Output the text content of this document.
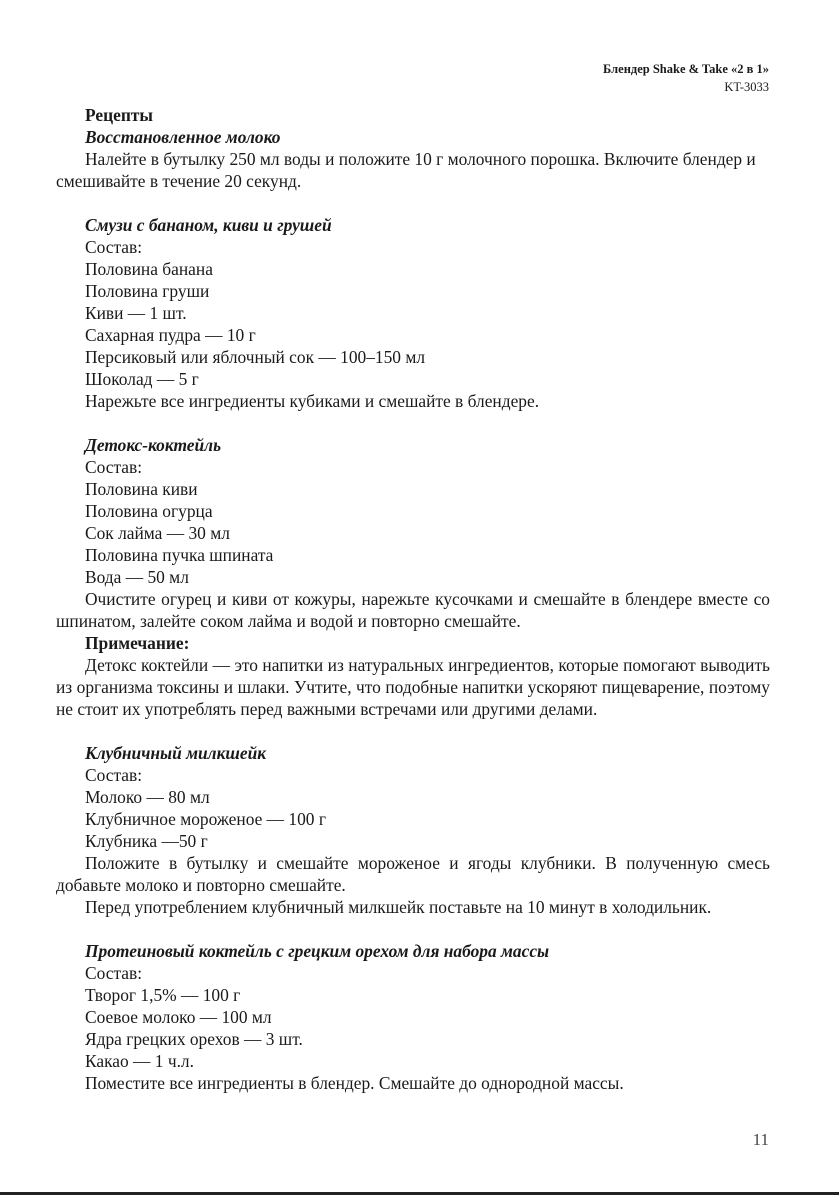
Блендер Shake & Take «2 в 1»
KT-3033

Рецепты

Восстановленное молоко

Налейте в бутылку 250 мл воды и положите 10 г молочного порошка. Включите блендер и смешивайте в течение 20 секунд.

Смузи с бананом, киви и грушей

Состав:

Половина банана

Половина груши

Киви — 1 шт.

Сахарная пудра — 10 г

Персиковый или яблочный сок — 100–150 мл

Шоколад — 5 г

Нарежьте все ингредиенты кубиками и смешайте в блендере.

Детокс-коктейль

Состав:

Половина киви

Половина огурца

Сок лайма — 30 мл

Половина пучка шпината

Вода — 50 мл

Очистите огурец и киви от кожуры, нарежьте кусочками и смешайте в блендере вместе со шпинатом, залейте соком лайма и водой и повторно смешайте.

Примечание:

Детокс коктейли — это напитки из натуральных ингредиентов, которые помогают выводить из организма токсины и шлаки. Учтите, что подобные напитки ускоряют пищеварение, поэтому не стоит их употреблять перед важными встречами или другими делами.

Клубничный милкшейк

Состав:

Молоко — 80 мл

Клубничное мороженое — 100 г

Клубника —50 г

Положите в бутылку и смешайте мороженое и ягоды клубники. В полученную смесь добавьте молоко и повторно смешайте.

Перед употреблением клубничный милкшейк поставьте на 10 минут в холодильник.

Протеиновый коктейль с грецким орехом для набора массы

Состав:

Творог 1,5% — 100 г

Соевое молоко — 100 мл

Ядра грецких орехов — 3 шт.

Какао — 1 ч.л.

Поместите все ингредиенты в блендер. Смешайте до однородной массы.

11
